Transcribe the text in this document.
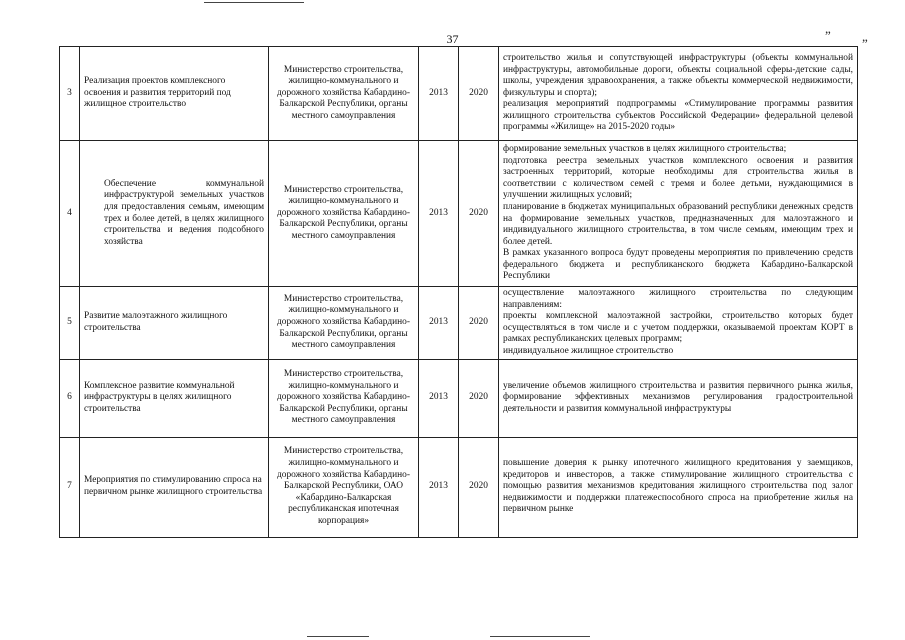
37	”
”
3	Реализация проектов комплексного освоения и развития территорий под жилищное строительство	Министерство строительства, жилищно-коммунального и дорожного хозяйства Кабардино-Балкарской Республики, органы местного самоуправления	2013	2020	строительство жилья и сопутствующей инфраструктуры (объекты коммунальной инфраструктуры, автомобильные дороги, объекты социальной сферы-детские сады, школы, учреждения здравоохранения, а также объекты коммерческой недвижимости, физкультуры и спорта);
реализация мероприятий подпрограммы «Стимулирование программы развития жилищного строительства субъектов Российской Федерации» федеральной целевой программы «Жилище» на 2015-2020 годы»

4	Обеспечение коммунальной инфраструктурой земельных участков для предоставления семьям, имеющим трех и более детей, в целях жилищного строительства и ведения подсобного хозяйства	Министерство строительства, жилищно-коммунального и дорожного хозяйства Кабардино-Балкарской Республики, органы местного самоуправления	2013	2020	формирование земельных участков в целях жилищного строительства;
подготовка реестра земельных участков комплексного освоения и развития застроенных территорий, которые необходимы для строительства жилья в соответствии с количеством семей с тремя и более детьми, нуждающимися в улучшении жилищных условий;
планирование в бюджетах муниципальных образований республики денежных средств на формирование земельных участков, предназначенных для малоэтажного и индивидуального жилищного строительства, в том числе семьям, имеющим трех и более детей.
В рамках указанного вопроса будут проведены мероприятия по привлечению средств федерального бюджета и республиканского бюджета Кабардино-Балкарской Республики

5	Развитие малоэтажного жилищного строительства	Министерство строительства, жилищно-коммунального и дорожного хозяйства Кабардино-Балкарской Республики, органы местного самоуправления	2013	2020	осуществление малоэтажного жилищного строительства по следующим направлениям:
проекты комплексной малоэтажной застройки, строительство которых будет осуществляться в том числе и с учетом поддержки, оказываемой проектам КОРТ в рамках республиканских целевых программ;
индивидуальное жилищное строительство

6	Комплексное развитие коммунальной инфраструктуры в целях жилищного строительства	Министерство строительства, жилищно-коммунального и дорожного хозяйства Кабардино-Балкарской Республики, органы местного самоуправления	2013	2020	увеличение объемов жилищного строительства и развития первичного рынка жилья, формирование эффективных механизмов регулирования градостроительной деятельности и развития коммунальной инфраструктуры

7	Мероприятия по стимулированию спроса на первичном рынке жилищного строительства	Министерство строительства, жилищно-коммунального и дорожного хозяйства Кабардино-Балкарской Республики, ОАО «Кабардино-Балкарская республиканская ипотечная корпорация»	2013	2020	повышение доверия к рынку ипотечного жилищного кредитования у заемщиков, кредиторов и инвесторов, а также стимулирование жилищного строительства с помощью развития механизмов кредитования жилищного строительства под залог недвижимости и поддержки платежеспособного спроса на приобретение жилья на первичном рынке
